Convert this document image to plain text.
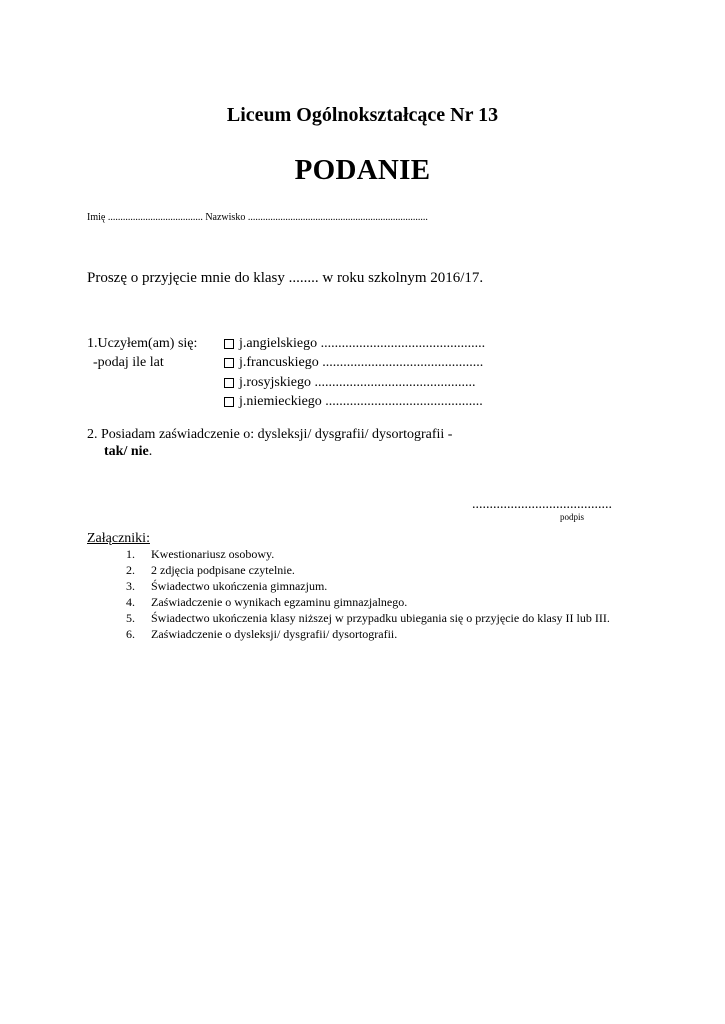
Liceum Ogólnokształcące Nr 13
PODANIE
Imię ...................................... Nazwisko ........................................................................
Proszę o przyjęcie mnie do klasy ........ w roku szkolnym 2016/17.
1.Uczyłem(am) się:
-podaj ile lat
j.angielskiego ...............................................
j.francuskiego ..............................................
j.rosyjskiego ..............................................
j.niemieckiego .............................................
2. Posiadam zaświadczenie o: dysleksji/ dysgrafii/ dysortografii -
tak/ nie.
........................................
podpis
Załączniki:
1. Kwestionariusz osobowy.
2. 2 zdjęcia podpisane czytelnie.
3. Świadectwo ukończenia gimnazjum.
4. Zaświadczenie o wynikach egzaminu gimnazjalnego.
5. Świadectwo ukończenia klasy niższej w przypadku ubiegania się o przyjęcie do klasy II lub III.
6. Zaświadczenie o dysleksji/ dysgrafii/ dysortografii.
